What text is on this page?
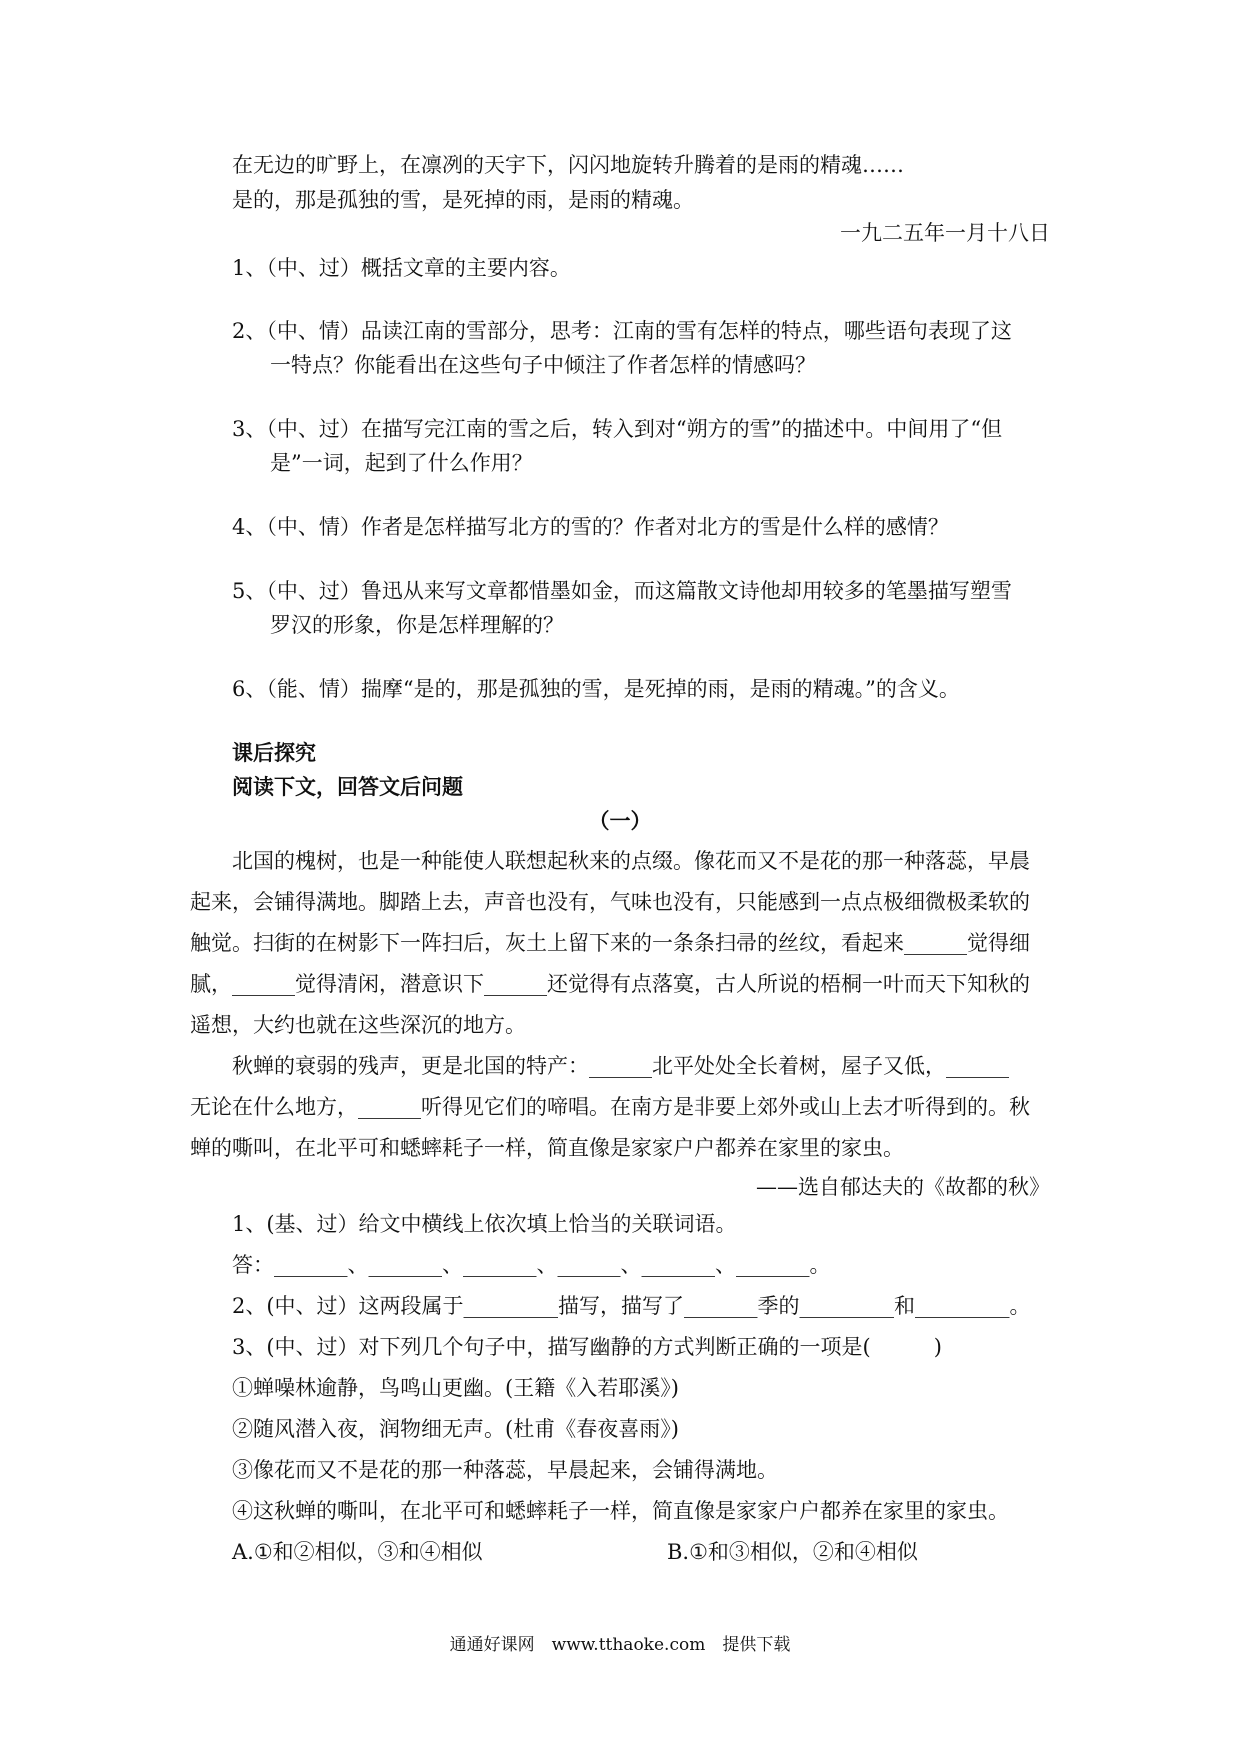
在无边的旷野上，在凛冽的天宇下，闪闪地旋转升腾着的是雨的精魂……
是的，那是孤独的雪，是死掉的雨，是雨的精魂。
一九二五年一月十八日
1、（中、过）概括文章的主要内容。
2、（中、情）品读江南的雪部分，思考：江南的雪有怎样的特点，哪些语句表现了这
一特点？你能看出在这些句子中倾注了作者怎样的情感吗？
3、（中、过）在描写完江南的雪之后，转入到对“朔方的雪”的描述中。中间用了“但
是”一词，起到了什么作用？
4、（中、情）作者是怎样描写北方的雪的？作者对北方的雪是什么样的感情？
5、（中、过）鲁迅从来写文章都惜墨如金，而这篇散文诗他却用较多的笔墨描写塑雪
罗汉的形象，你是怎样理解的？
6、（能、情）揣摩“是的，那是孤独的雪，是死掉的雨，是雨的精魂。”的含义。
课后探究
阅读下文，回答文后问题
（一）
北国的槐树，也是一种能使人联想起秋来的点缀。像花而又不是花的那一种落蕊，早晨
起来，会铺得满地。脚踏上去，声音也没有，气味也没有，只能感到一点点极细微极柔软的
触觉。扫街的在树影下一阵扫后，灰土上留下来的一条条扫帚的丝纹，看起来______觉得细
腻，______觉得清闲，潜意识下______还觉得有点落寞，古人所说的梧桐一叶而天下知秋的
遥想，大约也就在这些深沉的地方。
秋蝉的衰弱的残声，更是北国的特产：______北平处处全长着树，屋子又低，______
无论在什么地方，______听得见它们的啼唱。在南方是非要上郊外或山上去才听得到的。秋
蝉的嘶叫，在北平可和蟋蟀耗子一样，简直像是家家户户都养在家里的家虫。
——选自郁达夫的《故都的秋》
1、(基、过）给文中横线上依次填上恰当的关联词语。
答：_______、_______、_______、______、_______、_______。
2、(中、过）这两段属于_________描写，描写了_______季的_________和_________。
3、(中、过）对下列几个句子中，描写幽静的方式判断正确的一项是(　　　)
①蝉噪林逾静，鸟鸣山更幽。(王籍《入若耶溪》)
②随风潜入夜，润物细无声。(杜甫《春夜喜雨》)
③像花而又不是花的那一种落蕊，早晨起来，会铺得满地。
④这秋蝉的嘶叫，在北平可和蟋蟀耗子一样，简直像是家家户户都养在家里的家虫。
A.①和②相似，③和④相似	B.①和③相似，②和④相似
通通好课网　www.tthaoke.com　提供下载
